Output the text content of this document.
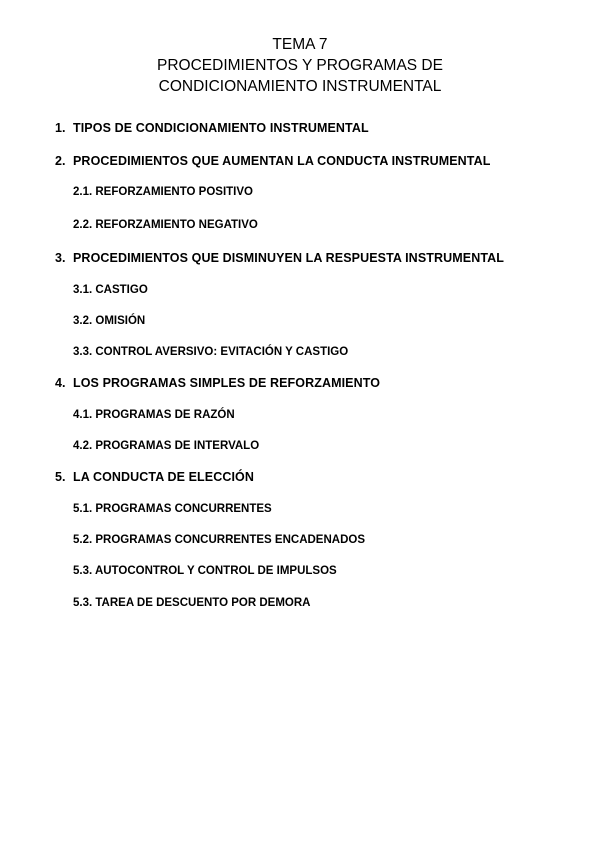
TEMA 7
PROCEDIMIENTOS Y PROGRAMAS DE
CONDICIONAMIENTO INSTRUMENTAL
1. TIPOS DE CONDICIONAMIENTO INSTRUMENTAL
2. PROCEDIMIENTOS QUE AUMENTAN LA CONDUCTA INSTRUMENTAL
2.1. REFORZAMIENTO POSITIVO
2.2. REFORZAMIENTO NEGATIVO
3. PROCEDIMIENTOS QUE DISMINUYEN LA RESPUESTA INSTRUMENTAL
3.1. CASTIGO
3.2. OMISIÓN
3.3. CONTROL AVERSIVO: EVITACIÓN Y CASTIGO
4. LOS PROGRAMAS SIMPLES DE REFORZAMIENTO
4.1. PROGRAMAS DE RAZÓN
4.2. PROGRAMAS DE INTERVALO
5. LA CONDUCTA DE ELECCIÓN
5.1. PROGRAMAS CONCURRENTES
5.2. PROGRAMAS CONCURRENTES ENCADENADOS
5.3. AUTOCONTROL Y CONTROL DE IMPULSOS
5.3. TAREA DE DESCUENTO POR DEMORA
